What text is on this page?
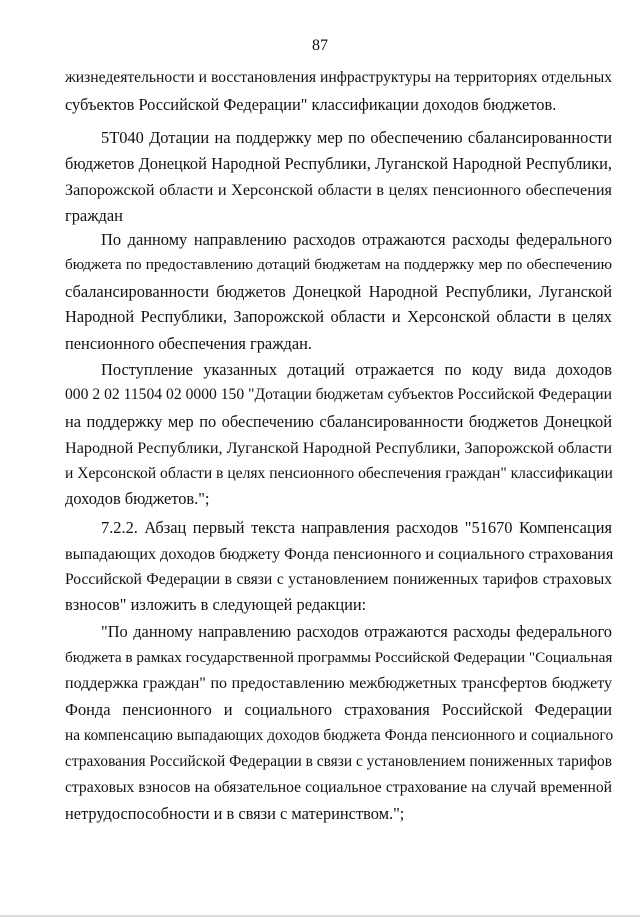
87
жизнедеятельности и восстановления инфраструктуры на территориях отдельных
субъектов Российской Федерации" классификации доходов бюджетов.
5Т040 Дотации на поддержку мер по обеспечению сбалансированности
бюджетов Донецкой Народной Республики, Луганской Народной Республики,
Запорожской области и Херсонской области в целях пенсионного обеспечения
граждан
По данному направлению расходов отражаются расходы федерального
бюджета по предоставлению дотаций бюджетам на поддержку мер по обеспечению
сбалансированности бюджетов Донецкой Народной Республики, Луганской
Народной Республики, Запорожской области и Херсонской области в целях
пенсионного обеспечения граждан.
Поступление указанных дотаций отражается по коду вида доходов
000 2 02 11504 02 0000 150 "Дотации бюджетам субъектов Российской Федерации
на поддержку мер по обеспечению сбалансированности бюджетов Донецкой
Народной Республики, Луганской Народной Республики, Запорожской области
и Херсонской области в целях пенсионного обеспечения граждан" классификации
доходов бюджетов.";
7.2.2. Абзац первый текста направления расходов "51670 Компенсация
выпадающих доходов бюджету Фонда пенсионного и социального страхования
Российской Федерации в связи с установлением пониженных тарифов страховых
взносов" изложить в следующей редакции:
"По данному направлению расходов отражаются расходы федерального
бюджета в рамках государственной программы Российской Федерации "Социальная
поддержка граждан" по предоставлению межбюджетных трансфертов бюджету
Фонда пенсионного и социального страхования Российской Федерации
на компенсацию выпадающих доходов бюджета Фонда пенсионного и социального
страхования Российской Федерации в связи с установлением пониженных тарифов
страховых взносов на обязательное социальное страхование на случай временной
нетрудоспособности и в связи с материнством.";
